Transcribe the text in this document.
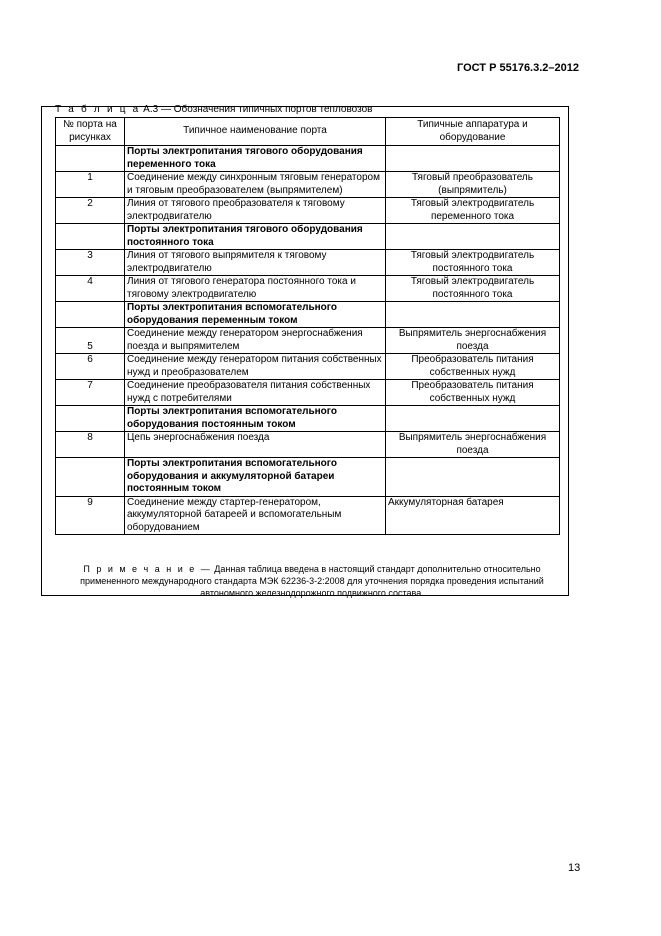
ГОСТ Р 55176.3.2–2012
Т а б л и ц а А.3 — Обозначения типичных портов тепловозов
№ порта на рисунках	Типичное наименование порта	Типичные аппаратура и оборудование
	Порты электропитания тягового оборудования переменного тока	
1	Соединение между синхронным тяговым генератором и тяговым преобразователем (выпрямителем)	Тяговый преобразователь (выпрямитель)
2	Линия от тягового преобразователя к тяговому электродвигателю	Тяговый электродвигатель переменного тока
	Порты электропитания тягового оборудования постоянного тока	
3	Линия от тягового выпрямителя к тяговому электродвигателю	Тяговый электродвигатель постоянного тока
4	Линия от тягового генератора постоянного тока и тяговому электродвигателю	Тяговый электродвигатель постоянного тока
	Порты электропитания вспомогательного оборудования переменным током	
5	Соединение между генератором энергоснабжения поезда и выпрямителем	Выпрямитель энергоснабжения поезда
6	Соединение между генератором питания собственных нужд и преобразователем	Преобразователь питания собственных нужд
7	Соединение преобразователя питания собственных нужд с потребителями	Преобразователь питания собственных нужд
	Порты электропитания вспомогательного оборудования постоянным током	
8	Цепь энергоснабжения поезда	Выпрямитель энергоснабжения поезда
	Порты электропитания вспомогательного оборудования и аккумуляторной батареи постоянным током	
9	Соединение между стартер-генератором, аккумуляторной батареей и вспомогательным оборудованием	Аккумуляторная батарея
П р и м е ч а н и е — Данная таблица введена в настоящий стандарт дополнительно относительно примененного международного стандарта МЭК 62236-3-2:2008 для уточнения порядка проведения испытаний автономного железнодорожного подвижного состава.
13
